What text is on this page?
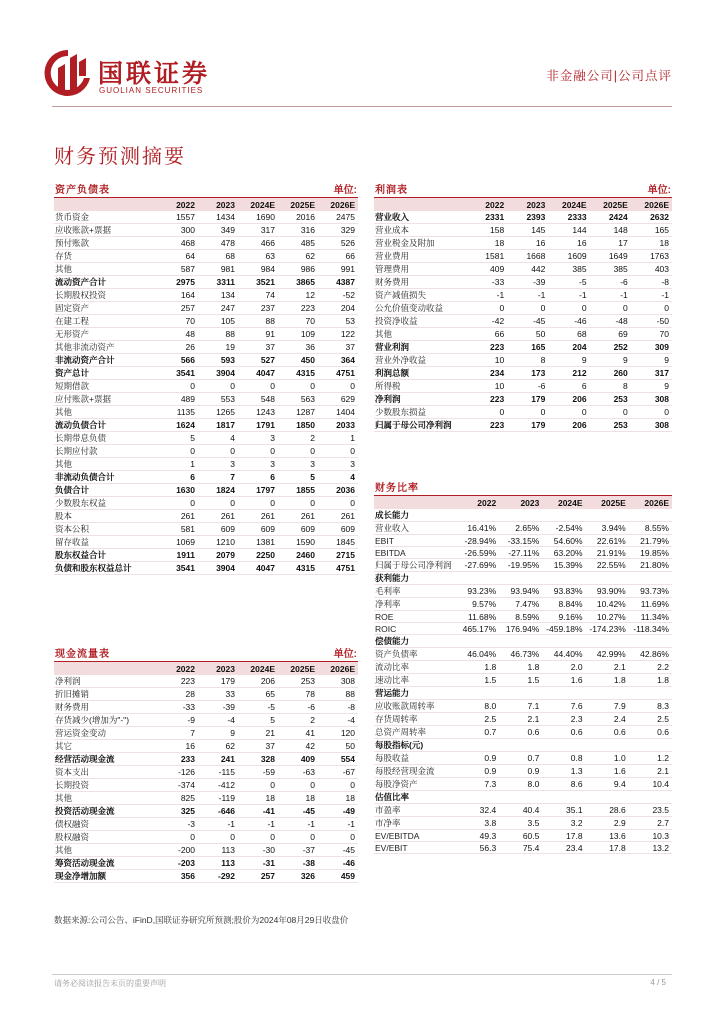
国联证券
GUOLIAN SECURITIES
非金融公司|公司点评
财务预测摘要
资产负债表	单位:
	2022	2023	2024E	2025E	2026E
货币资金	1557	1434	1690	2016	2475
应收账款+票据	300	349	317	316	329
预付账款	468	478	466	485	526
存货	64	68	63	62	66
其他	587	981	984	986	991
流动资产合计	2975	3311	3521	3865	4387
长期股权投资	164	134	74	12	-52
固定资产	257	247	237	223	204
在建工程	70	105	88	70	53
无形资产	48	88	91	109	122
其他非流动资产	26	19	37	36	37
非流动资产合计	566	593	527	450	364
资产总计	3541	3904	4047	4315	4751
短期借款	0	0	0	0	0
应付账款+票据	489	553	548	563	629
其他	1135	1265	1243	1287	1404
流动负债合计	1624	1817	1791	1850	2033
长期带息负债	5	4	3	2	1
长期应付款	0	0	0	0	0
其他	1	3	3	3	3
非流动负债合计	6	7	6	5	4
负债合计	1630	1824	1797	1855	2036
少数股东权益	0	0	0	0	0
股本	261	261	261	261	261
资本公积	581	609	609	609	609
留存收益	1069	1210	1381	1590	1845
股东权益合计	1911	2079	2250	2460	2715
负债和股东权益总计	3541	3904	4047	4315	4751
现金流量表	单位:
	2022	2023	2024E	2025E	2026E
净利润	223	179	206	253	308
折旧摊销	28	33	65	78	88
财务费用	-33	-39	-5	-6	-8
存货减少(增加为"-")	-9	-4	5	2	-4
营运资金变动	7	9	21	41	120
其它	16	62	37	42	50
经营活动现金流	233	241	328	409	554
资本支出	-126	-115	-59	-63	-67
长期投资	-374	-412	0	0	0
其他	825	-119	18	18	18
投资活动现金流	325	-646	-41	-45	-49
债权融资	-3	-1	-1	-1	-1
股权融资	0	0	0	0	0
其他	-200	113	-30	-37	-45
筹资活动现金流	-203	113	-31	-38	-46
现金净增加额	356	-292	257	326	459
利润表	单位:
	2022	2023	2024E	2025E	2026E
营业收入	2331	2393	2333	2424	2632
营业成本	158	145	144	148	165
营业税金及附加	18	16	16	17	18
营业费用	1581	1668	1609	1649	1763
管理费用	409	442	385	385	403
财务费用	-33	-39	-5	-6	-8
资产减值损失	-1	-1	-1	-1	-1
公允价值变动收益	0	0	0	0	0
投资净收益	-42	-45	-46	-48	-50
其他	66	50	68	69	70
营业利润	223	165	204	252	309
营业外净收益	10	8	9	9	9
利润总额	234	173	212	260	317
所得税	10	-6	6	8	9
净利润	223	179	206	253	308
少数股东损益	0	0	0	0	0
归属于母公司净利润	223	179	206	253	308
财务比率
	2022	2023	2024E	2025E	2026E
成长能力					
营业收入	16.41%	2.65%	-2.54%	3.94%	8.55%
EBIT	-28.94%	-33.15%	54.60%	22.61%	21.79%
EBITDA	-26.59%	-27.11%	63.20%	21.91%	19.85%
归属于母公司净利润	-27.69%	-19.95%	15.39%	22.55%	21.80%
获利能力					
毛利率	93.23%	93.94%	93.83%	93.90%	93.73%
净利率	9.57%	7.47%	8.84%	10.42%	11.69%
ROE	11.68%	8.59%	9.16%	10.27%	11.34%
ROIC	465.17%	176.94%	-459.18%	-174.23%	-118.34%
偿债能力					
资产负债率	46.04%	46.73%	44.40%	42.99%	42.86%
流动比率	1.8	1.8	2.0	2.1	2.2
速动比率	1.5	1.5	1.6	1.8	1.8
营运能力					
应收账款周转率	8.0	7.1	7.6	7.9	8.3
存货周转率	2.5	2.1	2.3	2.4	2.5
总资产周转率	0.7	0.6	0.6	0.6	0.6
每股指标(元)					
每股收益	0.9	0.7	0.8	1.0	1.2
每股经营现金流	0.9	0.9	1.3	1.6	2.1
每股净资产	7.3	8.0	8.6	9.4	10.4
估值比率					
市盈率	32.4	40.4	35.1	28.6	23.5
市净率	3.8	3.5	3.2	2.9	2.7
EV/EBITDA	49.3	60.5	17.8	13.6	10.3
EV/EBIT	56.3	75.4	23.4	17.8	13.2
数据来源:公司公告、iFinD,国联证券研究所预测;股价为2024年08月29日收盘价
请务必阅读报告末页的重要声明	4 / 5
